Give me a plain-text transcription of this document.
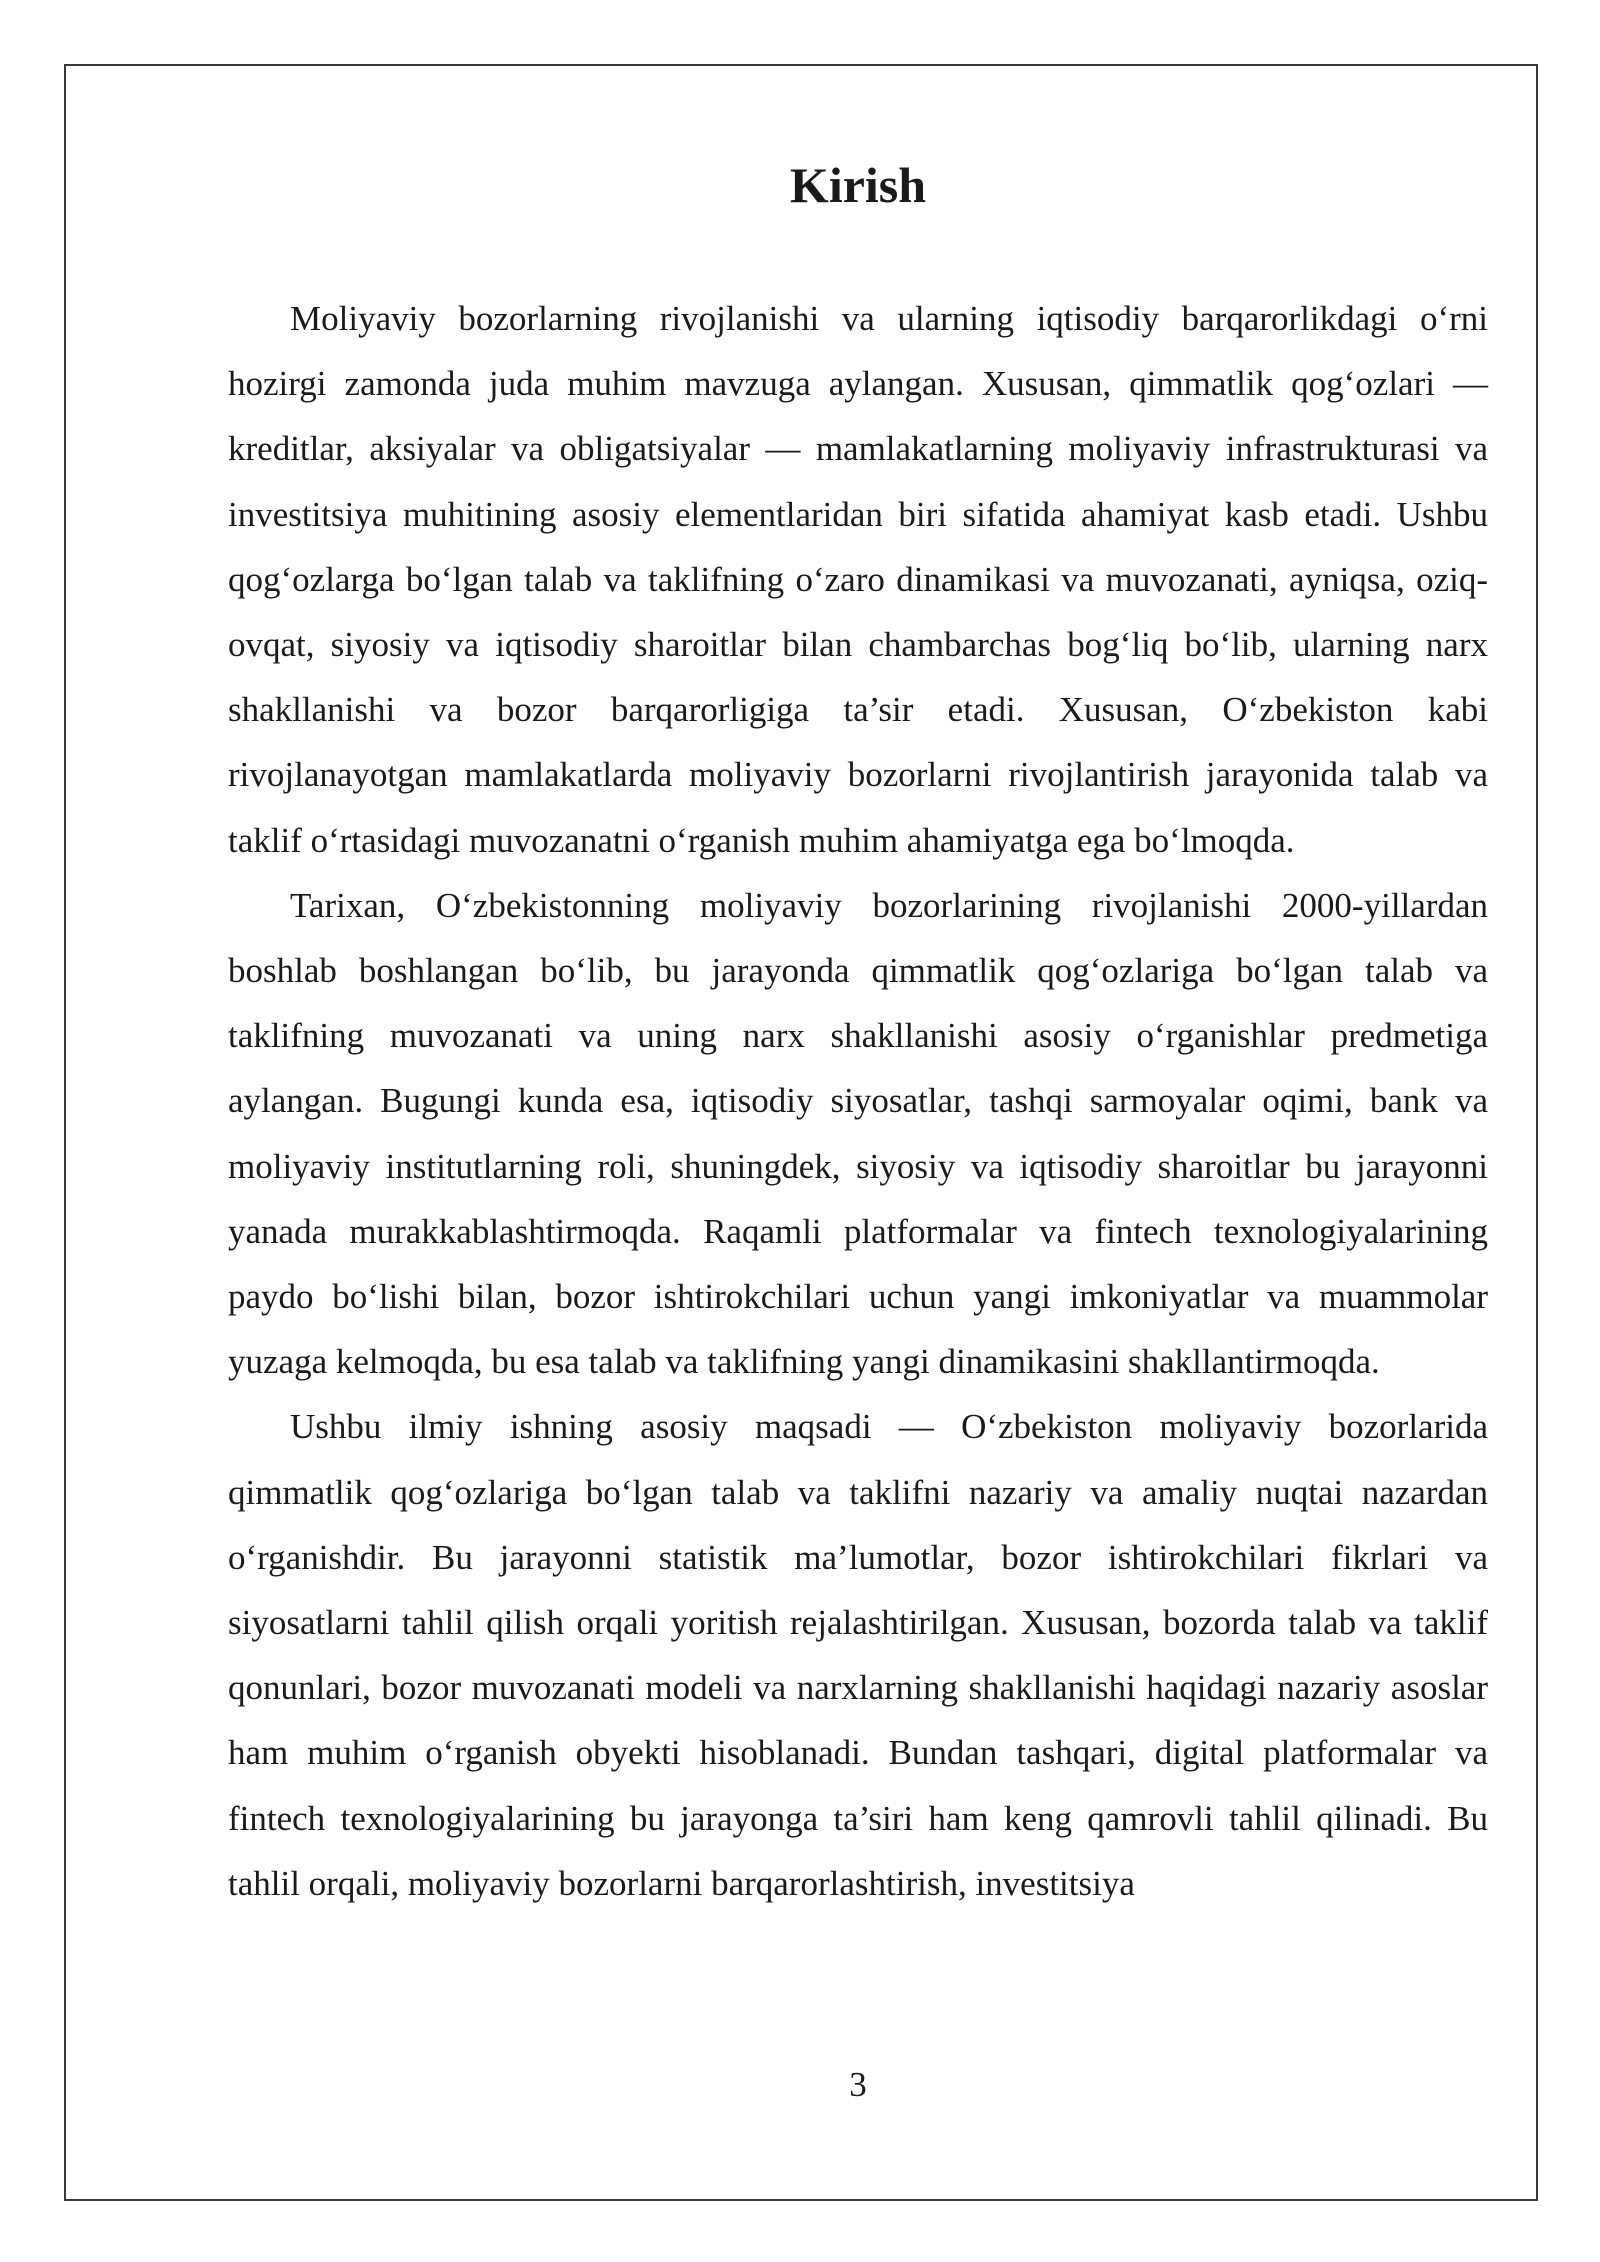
Kirish

Moliyaviy bozorlarning rivojlanishi va ularning iqtisodiy barqarorlikdagi o‘rni hozirgi zamonda juda muhim mavzuga aylangan. Xususan, qimmatlik qog‘ozlari — kreditlar, aksiyalar va obligatsiyalar — mamlakatlarning moliyaviy infrastrukturasi va investitsiya muhitining asosiy elementlaridan biri sifatida ahamiyat kasb etadi. Ushbu qog‘ozlarga bo‘lgan talab va taklifning o‘zaro dinamikasi va muvozanati, ayniqsa, oziq-ovqat, siyosiy va iqtisodiy sharoitlar bilan chambarchas bog‘liq bo‘lib, ularning narx shakllanishi va bozor barqarorligiga ta’sir etadi. Xususan, O‘zbekiston kabi rivojlanayotgan mamlakatlarda moliyaviy bozorlarni rivojlantirish jarayonida talab va taklif o‘rtasidagi muvozanatni o‘rganish muhim ahamiyatga ega bo‘lmoqda.

Tarixan, O‘zbekistonning moliyaviy bozorlarining rivojlanishi 2000-yillardan boshlab boshlangan bo‘lib, bu jarayonda qimmatlik qog‘ozlariga bo‘lgan talab va taklifning muvozanati va uning narx shakllanishi asosiy o‘rganishlar predmetiga aylangan. Bugungi kunda esa, iqtisodiy siyosatlar, tashqi sarmoyalar oqimi, bank va moliyaviy institutlarning roli, shuningdek, siyosiy va iqtisodiy sharoitlar bu jarayonni yanada murakkablashtirmoqda. Raqamli platformalar va fintech texnologiyalarining paydo bo‘lishi bilan, bozor ishtirokchilari uchun yangi imkoniyatlar va muammolar yuzaga kelmoqda, bu esa talab va taklifning yangi dinamikasini shakllantirmoqda.

Ushbu ilmiy ishning asosiy maqsadi — O‘zbekiston moliyaviy bozorlarida qimmatlik qog‘ozlariga bo‘lgan talab va taklifni nazariy va amaliy nuqtai nazardan o‘rganishdir. Bu jarayonni statistik ma’lumotlar, bozor ishtirokchilari fikrlari va siyosatlarni tahlil qilish orqali yoritish rejalashtirilgan. Xususan, bozorda talab va taklif qonunlari, bozor muvozanati modeli va narxlarning shakllanishi haqidagi nazariy asoslar ham muhim o‘rganish obyekti hisoblanadi. Bundan tashqari, digital platformalar va fintech texnologiyalarining bu jarayonga ta’siri ham keng qamrovli tahlil qilinadi. Bu tahlil orqali, moliyaviy bozorlarni barqarorlashtirish, investitsiya

3
